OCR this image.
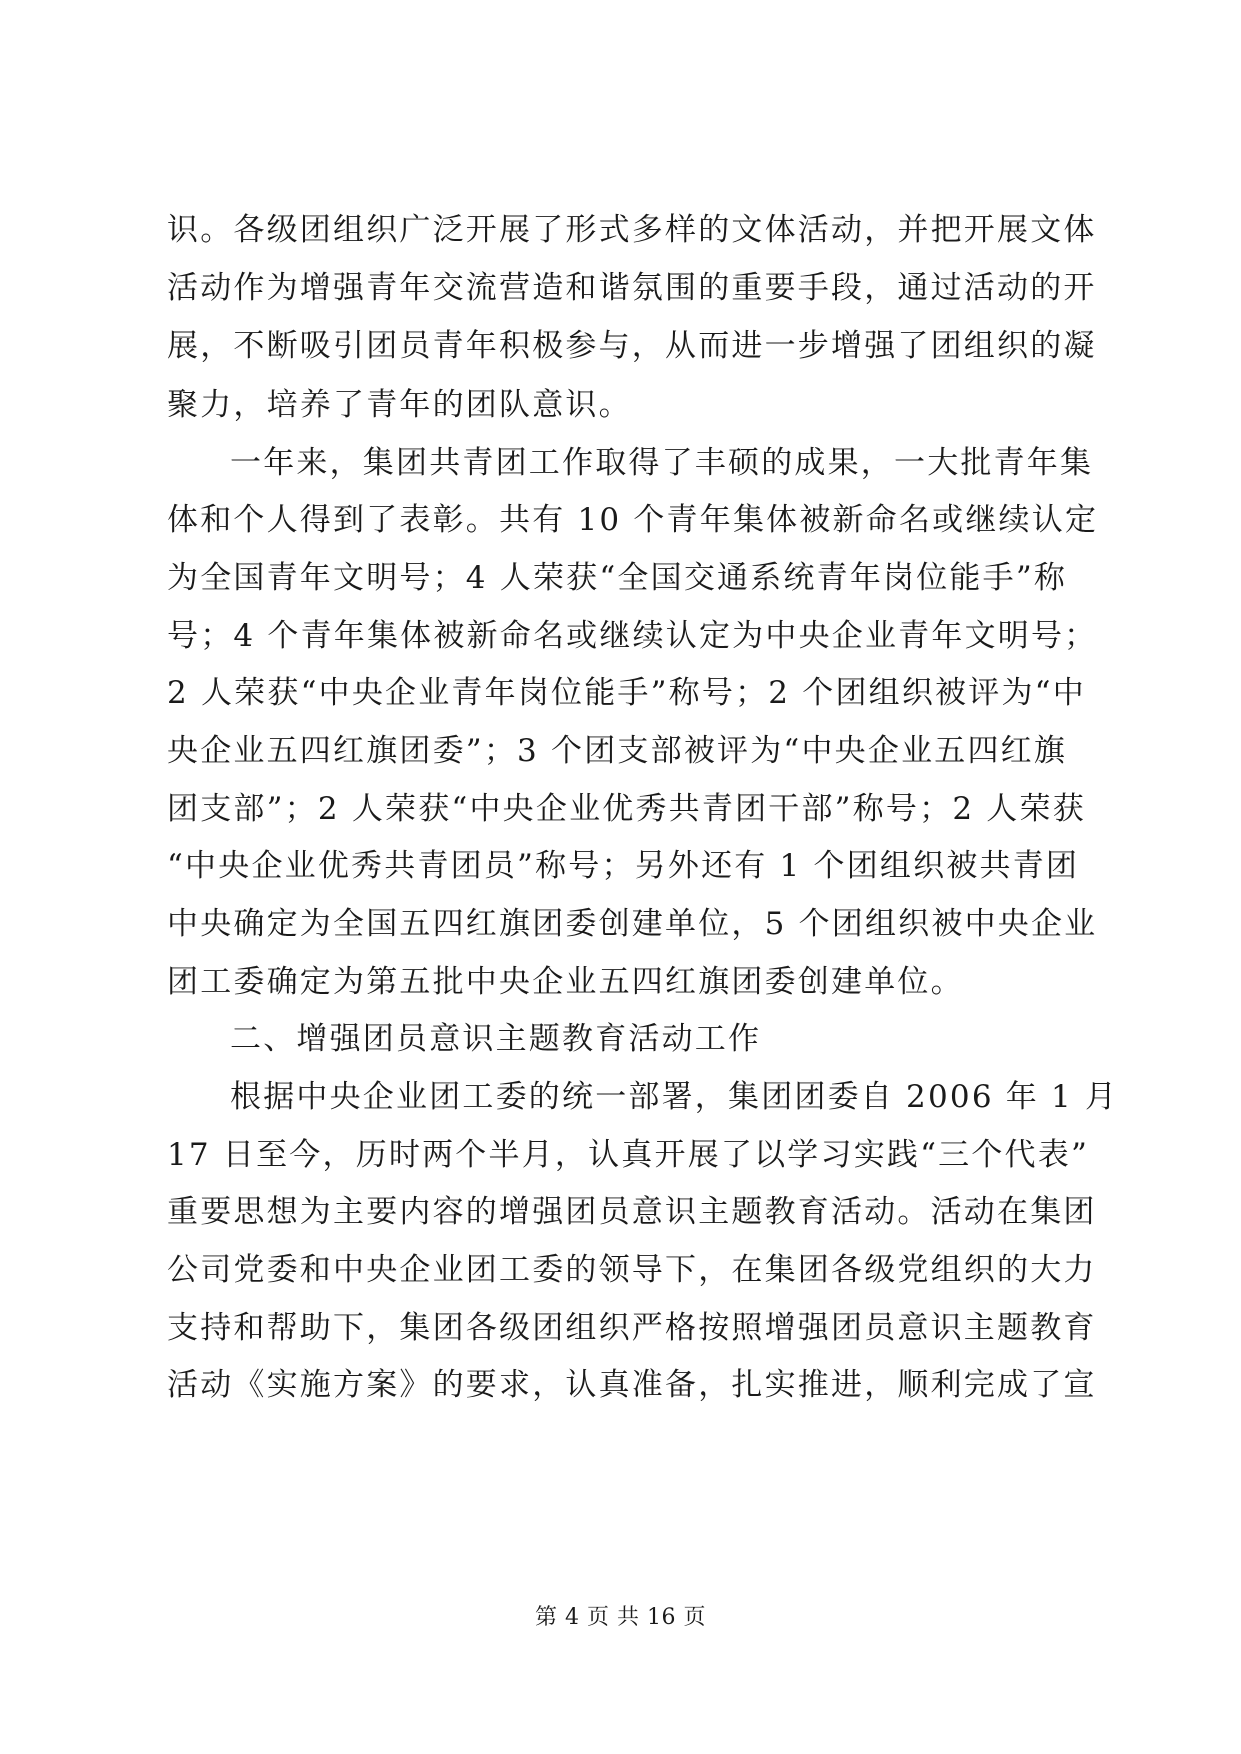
识。各级团组织广泛开展了形式多样的文体活动，并把开展文体
活动作为增强青年交流营造和谐氛围的重要手段，通过活动的开
展，不断吸引团员青年积极参与，从而进一步增强了团组织的凝
聚力，培养了青年的团队意识。
一年来，集团共青团工作取得了丰硕的成果，一大批青年集
体和个人得到了表彰。共有 10 个青年集体被新命名或继续认定
为全国青年文明号；4 人荣获“全国交通系统青年岗位能手”称
号；4 个青年集体被新命名或继续认定为中央企业青年文明号；
2 人荣获“中央企业青年岗位能手”称号；2 个团组织被评为“中
央企业五四红旗团委”；3 个团支部被评为“中央企业五四红旗
团支部”；2 人荣获“中央企业优秀共青团干部”称号；2 人荣获
“中央企业优秀共青团员”称号；另外还有 1 个团组织被共青团
中央确定为全国五四红旗团委创建单位，5 个团组织被中央企业
团工委确定为第五批中央企业五四红旗团委创建单位。
二、增强团员意识主题教育活动工作
根据中央企业团工委的统一部署，集团团委自 2006 年 1 月
17 日至今，历时两个半月，认真开展了以学习实践“三个代表”
重要思想为主要内容的增强团员意识主题教育活动。活动在集团
公司党委和中央企业团工委的领导下，在集团各级党组织的大力
支持和帮助下，集团各级团组织严格按照增强团员意识主题教育
活动《实施方案》的要求，认真准备，扎实推进，顺利完成了宣
第 4 页 共 16 页
